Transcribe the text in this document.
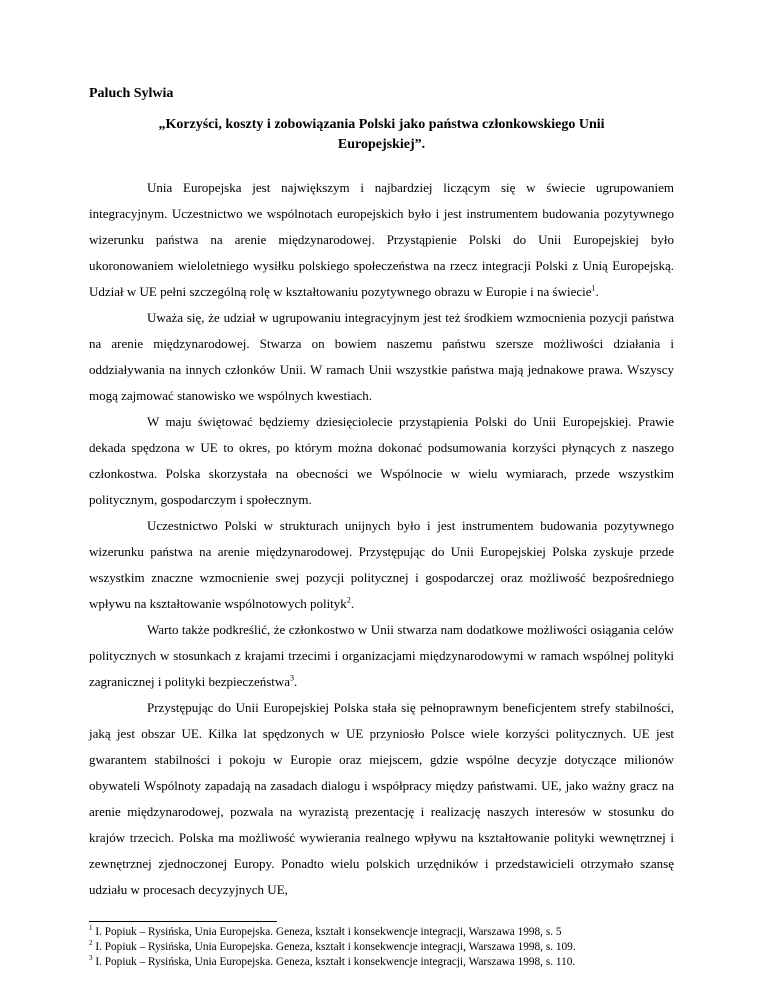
Paluch Sylwia

„Korzyści, koszty i zobowiązania Polski jako państwa członkowskiego Unii Europejskiej”.

Unia Europejska jest największym i najbardziej liczącym się w świecie ugrupowaniem integracyjnym. Uczestnictwo we wspólnotach europejskich było i jest instrumentem budowania pozytywnego wizerunku państwa na arenie międzynarodowej. Przystąpienie Polski do Unii Europejskiej było ukoronowaniem wieloletniego wysiłku polskiego społeczeństwa na rzecz integracji Polski z Unią Europejską. Udział w UE pełni szczególną rolę w kształtowaniu pozytywnego obrazu w Europie i na świecie$^1$.

Uważa się, że udział w ugrupowaniu integracyjnym jest też środkiem wzmocnienia pozycji państwa na arenie międzynarodowej. Stwarza on bowiem naszemu państwu szersze możliwości działania i oddziaływania na innych członków Unii. W ramach Unii wszystkie państwa mają jednakowe prawa. Wszyscy mogą zajmować stanowisko we wspólnych kwestiach.

W maju świętować będziemy dziesięciolecie przystąpienia Polski do Unii Europejskiej. Prawie dekada spędzona w UE to okres, po którym można dokonać podsumowania korzyści płynących z naszego członkostwa. Polska skorzystała na obecności we Wspólnocie w wielu wymiarach, przede wszystkim politycznym, gospodarczym i społecznym.

Uczestnictwo Polski w strukturach unijnych było i jest instrumentem budowania pozytywnego wizerunku państwa na arenie międzynarodowej. Przystępując do Unii Europejskiej Polska zyskuje przede wszystkim znaczne wzmocnienie swej pozycji politycznej i gospodarczej oraz możliwość bezpośredniego wpływu na kształtowanie wspólnotowych polityk$^2$.

Warto także podkreślić, że członkostwo w Unii stwarza nam dodatkowe możliwości osiągania celów politycznych w stosunkach z krajami trzecimi i organizacjami międzynarodowymi w ramach wspólnej polityki zagranicznej i polityki bezpieczeństwa$^3$.

Przystępując do Unii Europejskiej Polska stała się pełnoprawnym beneficjentem strefy stabilności, jaką jest obszar UE. Kilka lat spędzonych w UE przyniosło Polsce wiele korzyści politycznych. UE jest gwarantem stabilności i pokoju w Europie oraz miejscem, gdzie wspólne decyzje dotyczące milionów obywateli Wspólnoty zapadają na zasadach dialogu i współpracy między państwami. UE, jako ważny gracz na arenie międzynarodowej, pozwala na wyrazistą prezentację i realizację naszych interesów w stosunku do krajów trzecich. Polska ma możliwość wywierania realnego wpływu na kształtowanie polityki wewnętrznej i zewnętrznej zjednoczonej Europy. Ponadto wielu polskich urzędników i przedstawicieli otrzymało szansę udziału w procesach decyzyjnych UE,

$^1$ I. Popiuk – Rysińska, Unia Europejska. Geneza, kształt i konsekwencje integracji, Warszawa 1998, s. 5

$^2$ I. Popiuk – Rysińska, Unia Europejska. Geneza, kształt i konsekwencje integracji, Warszawa 1998, s. 109.

$^3$ I. Popiuk – Rysińska, Unia Europejska. Geneza, kształt i konsekwencje integracji, Warszawa 1998, s. 110.
